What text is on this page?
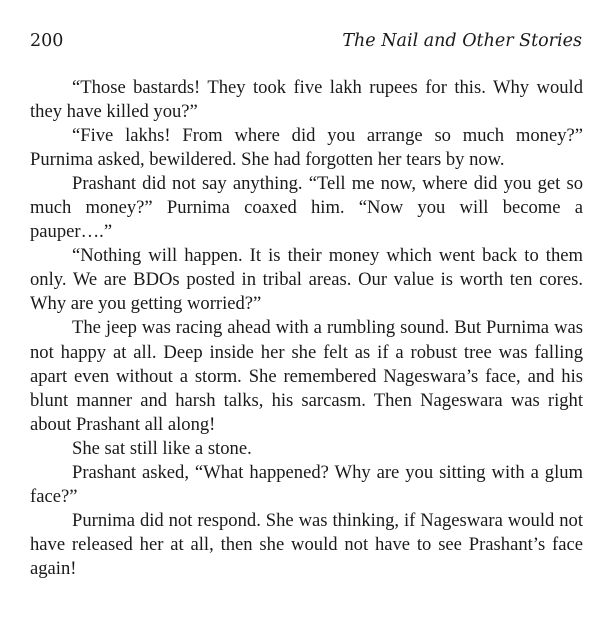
200	The Nail and Other Stories

“Those bastards! They took five lakh rupees for this. Why would they have killed you?”

“Five lakhs! From where did you arrange so much money?” Purnima asked, bewildered. She had forgotten her tears by now.

Prashant did not say anything. “Tell me now, where did you get so much money?” Purnima coaxed him. “Now you will become a pauper….”

“Nothing will happen. It is their money which went back to them only. We are BDOs posted in tribal areas. Our value is worth ten cores. Why are you getting worried?”

The jeep was racing ahead with a rumbling sound. But Purnima was not happy at all. Deep inside her she felt as if a robust tree was falling apart even without a storm. She remembered Nageswara’s face, and his blunt manner and harsh talks, his sarcasm. Then Nageswara was right about Prashant all along!

She sat still like a stone.

Prashant asked, “What happened? Why are you sitting with a glum face?”

Purnima did not respond. She was thinking, if Nageswara would not have released her at all, then she would not have to see Prashant’s face again!
